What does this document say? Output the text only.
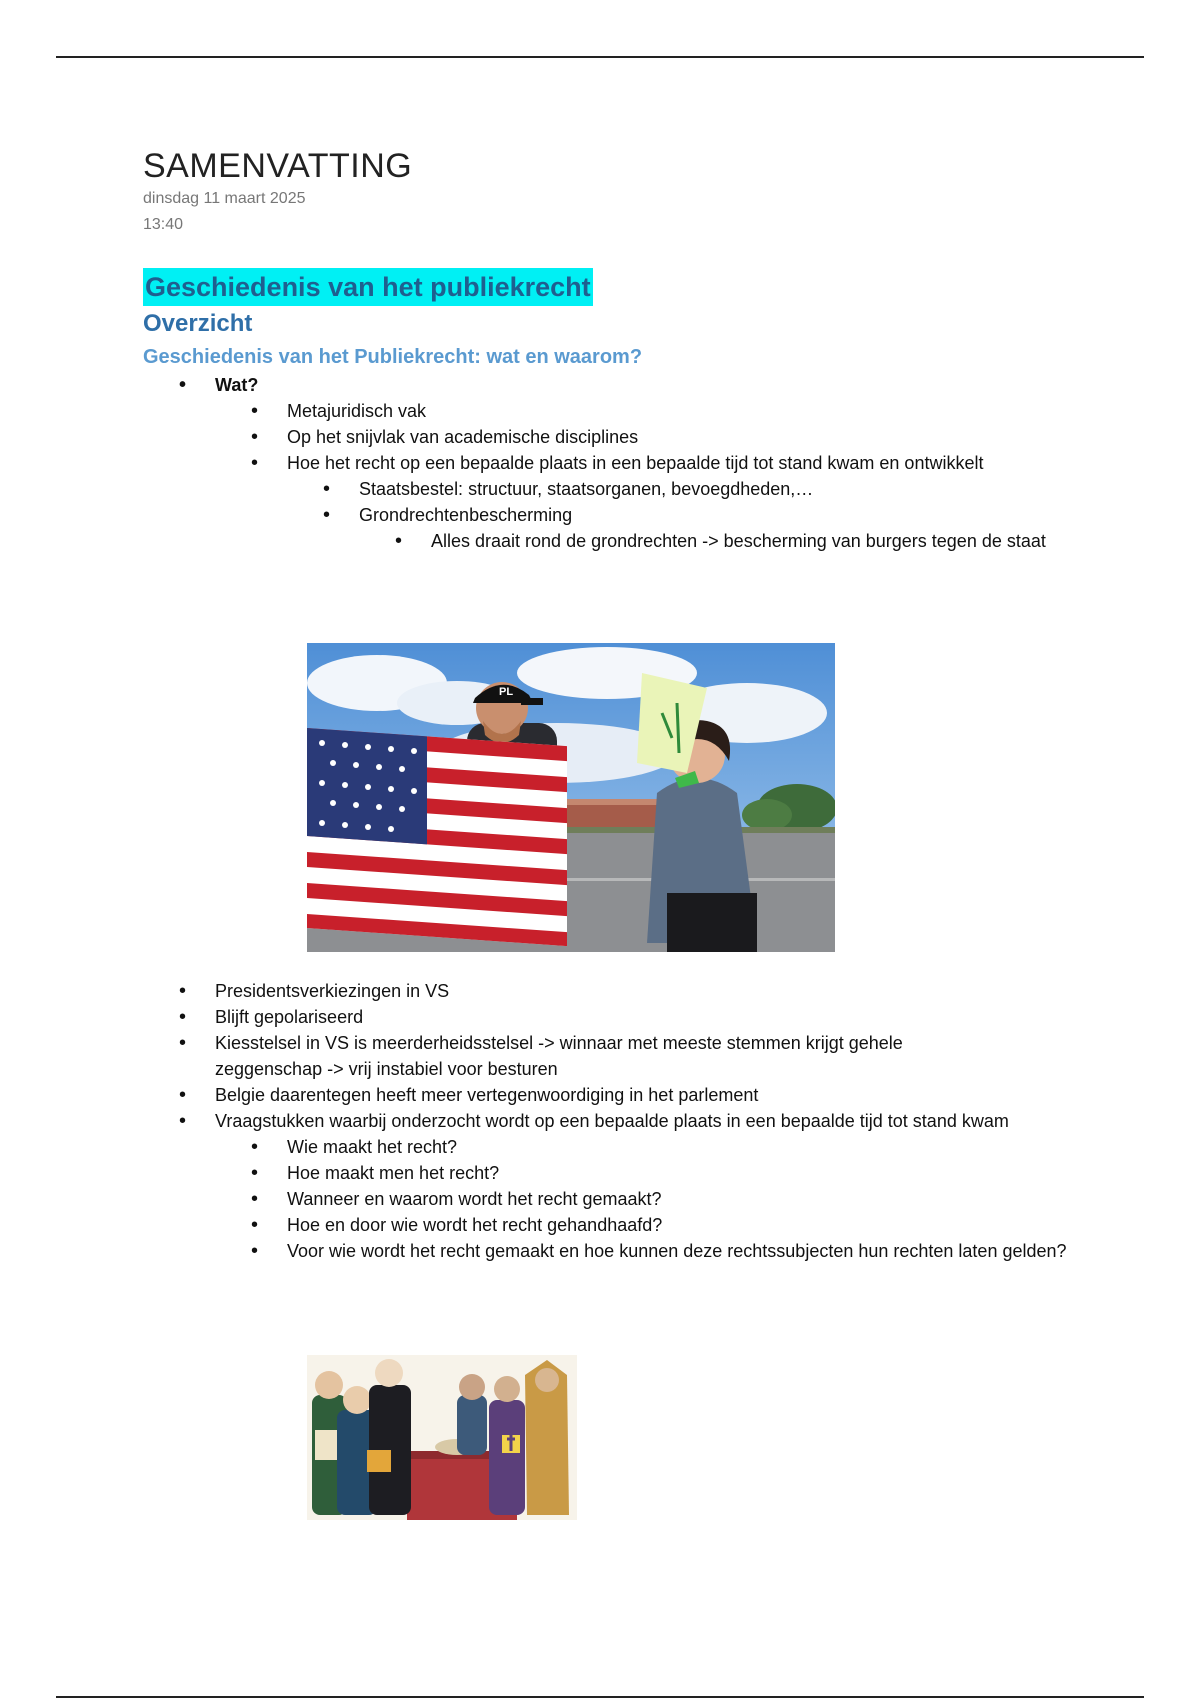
SAMENVATTING
dinsdag 11 maart 2025
13:40
Geschiedenis van het publiekrecht
Overzicht
Geschiedenis van het Publiekrecht: wat en waarom?
• Wat?
• Metajuridisch vak
• Op het snijvlak van academische disciplines
• Hoe het recht op een bepaalde plaats in een bepaalde tijd tot stand kwam en ontwikkelt
• Staatsbestel: structuur, staatsorganen, bevoegdheden,…
• Grondrechtenbescherming
• Alles draait rond de grondrechten -> bescherming van burgers tegen de staat
PL
• Presidentsverkiezingen in VS
• Blijft gepolariseerd
• Kiesstelsel in VS is meerderheidsstelsel -> winnaar met meeste stemmen krijgt gehele zeggenschap -> vrij instabiel voor besturen
• Belgie daarentegen heeft meer vertegenwoordiging in het parlement
• Vraagstukken waarbij onderzocht wordt op een bepaalde plaats in een bepaalde tijd tot stand kwam
• Wie maakt het recht?
• Hoe maakt men het recht?
• Wanneer en waarom wordt het recht gemaakt?
• Hoe en door wie wordt het recht gehandhaafd?
• Voor wie wordt het recht gemaakt en hoe kunnen deze rechtssubjecten hun rechten laten gelden?
